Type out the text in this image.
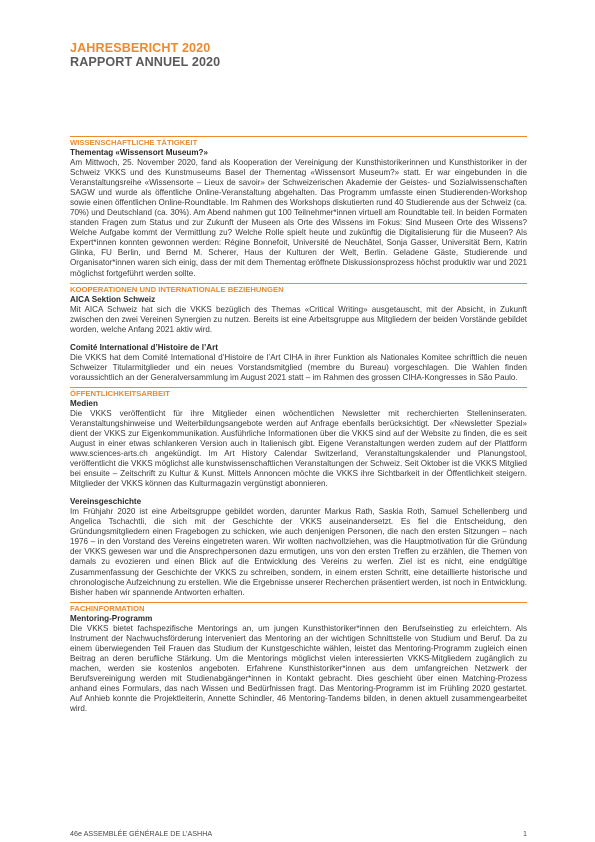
JAHRESBERICHT 2020
RAPPORT ANNUEL 2020
WISSENSCHAFTLICHE TÄTIGKEIT
Thementag «Wissensort Museum?»

Am Mittwoch, 25. November 2020, fand als Kooperation der Vereinigung der Kunsthistorikerinnen und Kunsthistoriker in der Schweiz VKKS und des Kunstmuseums Basel der Thementag «Wissensort Museum?» statt. Er war eingebunden in die Veranstaltungsreihe «Wissensorte – Lieux de savoir» der Schweizerischen Akademie der Geistes- und Sozialwissenschaften SAGW und wurde als öffentliche Online-Veranstaltung abgehalten. Das Programm umfasste einen Studierenden-Workshop sowie einen öffentlichen Online-Roundtable. Im Rahmen des Workshops diskutierten rund 40 Studierende aus der Schweiz (ca. 70%) und Deutschland (ca. 30%). Am Abend nahmen gut 100 Teilnehmer*innen virtuell am Roundtable teil. In beiden Formaten standen Fragen zum Status und zur Zukunft der Museen als Orte des Wissens im Fokus: Sind Museen Orte des Wissens? Welche Aufgabe kommt der Vermittlung zu? Welche Rolle spielt heute und zukünftig die Digitalisierung für die Museen? Als Expert*innen konnten gewonnen werden: Régine Bonnefoit, Université de Neuchâtel, Sonja Gasser, Universität Bern, Katrin Glinka, FU Berlin, und Bernd M. Scherer, Haus der Kulturen der Welt, Berlin. Geladene Gäste, Studierende und Organisator*innen waren sich einig, dass der mit dem Thementag eröffnete Diskussionsprozess höchst produktiv war und 2021 möglichst fortgeführt werden sollte.

KOOPERATIONEN UND INTERNATIONALE BEZIEHUNGEN
AICA Sektion Schweiz

Mit AICA Schweiz hat sich die VKKS bezüglich des Themas «Critical Writing» ausgetauscht, mit der Absicht, in Zukunft zwischen den zwei Vereinen Synergien zu nutzen. Bereits ist eine Arbeitsgruppe aus Mitgliedern der beiden Vorstände gebildet worden, welche Anfang 2021 aktiv wird.

Comité International d’Histoire de l’Art

Die VKKS hat dem Comité International d’Histoire de l’Art CIHA in ihrer Funktion als Nationales Komitee schriftlich die neuen Schweizer Titularmitglieder und ein neues Vorstandsmitglied (membre du Bureau) vorgeschlagen. Die Wahlen finden voraussichtlich an der Generalversammlung im August 2021 statt – im Rahmen des grossen CIHA-Kongresses in São Paulo.

ÖFFENTLICHKEITSARBEIT
Medien

Die VKKS veröffentlicht für ihre Mitglieder einen wöchentlichen Newsletter mit recherchierten Stelleninseraten. Veranstaltungshinweise und Weiterbildungsangebote werden auf Anfrage ebenfalls berücksichtigt. Der «Newsletter Spezial» dient der VKKS zur Eigenkommunikation. Ausführliche Informationen über die VKKS sind auf der Website zu finden, die es seit August in einer etwas schlankeren Version auch in Italienisch gibt. Eigene Veranstaltungen werden zudem auf der Plattform www.sciences-arts.ch angekündigt. Im Art History Calendar Switzerland, Veranstaltungskalender und Planungstool, veröffentlicht die VKKS möglichst alle kunstwissenschaftlichen Veranstaltungen der Schweiz. Seit Oktober ist die VKKS Mitglied bei ensuite – Zeitschrift zu Kultur & Kunst. Mittels Annoncen möchte die VKKS ihre Sichtbarkeit in der Öffentlichkeit steigern. Mitglieder der VKKS können das Kulturmagazin vergünstigt abonnieren.

Vereinsgeschichte

Im Frühjahr 2020 ist eine Arbeitsgruppe gebildet worden, darunter Markus Rath, Saskia Roth, Samuel Schellenberg und Angelica Tschachtli, die sich mit der Geschichte der VKKS auseinandersetzt. Es fiel die Entscheidung, den Gründungsmitgliedern einen Fragebogen zu schicken, wie auch denjenigen Personen, die nach den ersten Sitzungen – nach 1976 – in den Vorstand des Vereins eingetreten waren. Wir wollten nachvollziehen, was die Hauptmotivation für die Gründung der VKKS gewesen war und die Ansprechpersonen dazu ermutigen, uns von den ersten Treffen zu erzählen, die Themen von damals zu evozieren und einen Blick auf die Entwicklung des Vereins zu werfen. Ziel ist es nicht, eine endgültige Zusammenfassung der Geschichte der VKKS zu schreiben, sondern, in einem ersten Schritt, eine detaillierte historische und chronologische Aufzeichnung zu erstellen. Wie die Ergebnisse unserer Recherchen präsentiert werden, ist noch in Entwicklung. Bisher haben wir spannende Antworten erhalten.

FACHINFORMATION
Mentoring-Programm

Die VKKS bietet fachspezifische Mentorings an, um jungen Kunsthistoriker*innen den Berufseinstieg zu erleichtern. Als Instrument der Nachwuchsförderung interveniert das Mentoring an der wichtigen Schnittstelle von Studium und Beruf. Da zu einem überwiegenden Teil Frauen das Studium der Kunstgeschichte wählen, leistet das Mentoring-Programm zugleich einen Beitrag an deren berufliche Stärkung. Um die Mentorings möglichst vielen interessierten VKKS-Mitgliedern zugänglich zu machen, werden sie kostenlos angeboten. Erfahrene Kunsthistoriker*innen aus dem umfangreichen Netzwerk der Berufsvereinigung werden mit Studienabgänger*innen in Kontakt gebracht. Dies geschieht über einen Matching-Prozess anhand eines Formulars, das nach Wissen und Bedürfnissen fragt. Das Mentoring-Programm ist im Frühling 2020 gestartet. Auf Anhieb konnte die Projektleiterin, Annette Schindler, 46 Mentoring-Tandems bilden, in denen aktuell zusammengearbeitet wird.

46e ASSEMBLÉE GÉNÉRALE DE L’ASHHA	1
